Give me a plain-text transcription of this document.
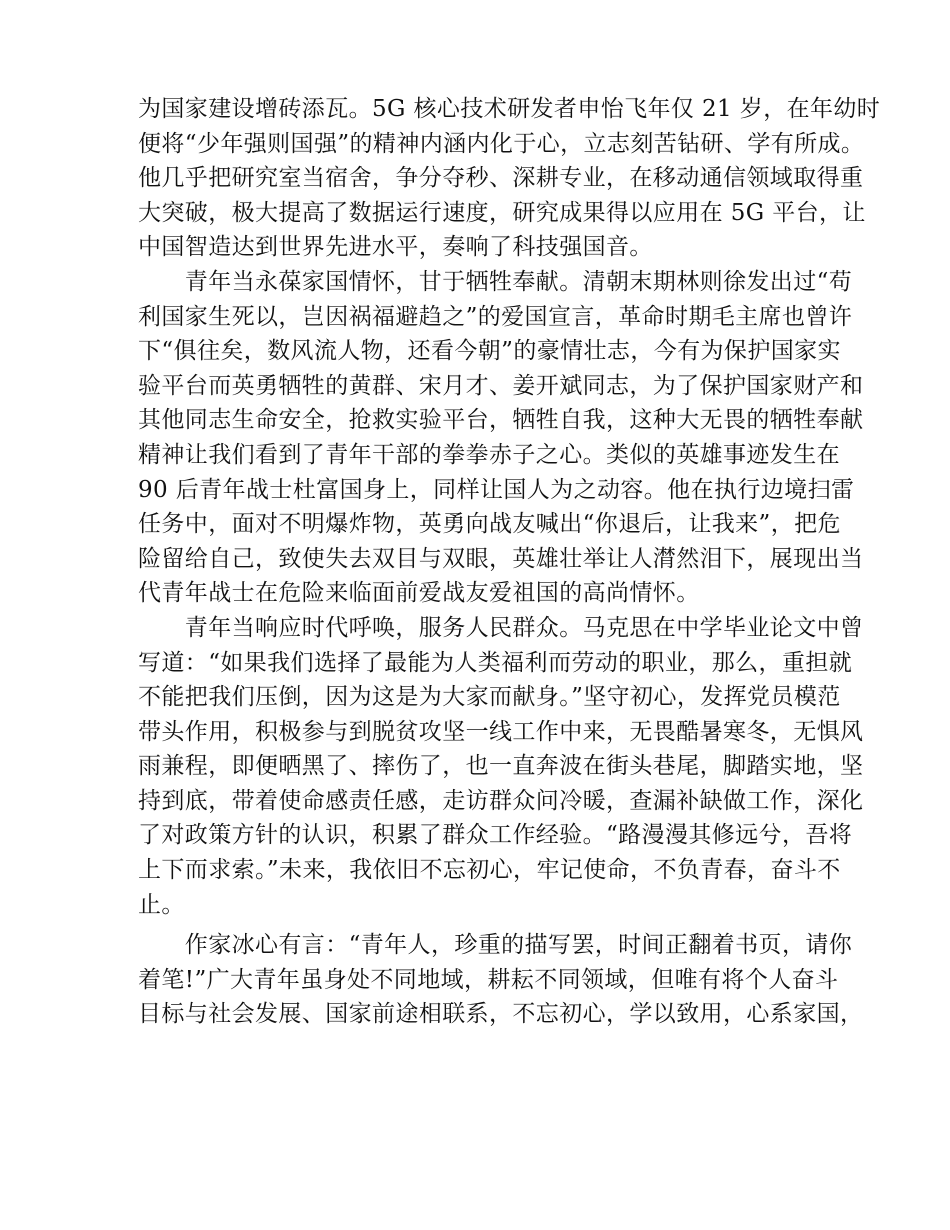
为国家建设增砖添瓦。5G 核心技术研发者申怡飞年仅 21 岁，在年幼时
便将“少年强则国强”的精神内涵内化于心，立志刻苦钻研、学有所成。
他几乎把研究室当宿舍，争分夺秒、深耕专业，在移动通信领域取得重
大突破，极大提高了数据运行速度，研究成果得以应用在 5G 平台，让
中国智造达到世界先进水平，奏响了科技强国音。
　　青年当永葆家国情怀，甘于牺牲奉献。清朝末期林则徐发出过“苟
利国家生死以，岂因祸福避趋之”的爱国宣言，革命时期毛主席也曾许
下“俱往矣，数风流人物，还看今朝”的豪情壮志，今有为保护国家实
验平台而英勇牺牲的黄群、宋月才、姜开斌同志，为了保护国家财产和
其他同志生命安全，抢救实验平台，牺牲自我，这种大无畏的牺牲奉献
精神让我们看到了青年干部的拳拳赤子之心。类似的英雄事迹发生在
90 后青年战士杜富国身上，同样让国人为之动容。他在执行边境扫雷
任务中，面对不明爆炸物，英勇向战友喊出“你退后，让我来”，把危
险留给自己，致使失去双目与双眼，英雄壮举让人潸然泪下，展现出当
代青年战士在危险来临面前爱战友爱祖国的高尚情怀。
　　青年当响应时代呼唤，服务人民群众。马克思在中学毕业论文中曾
写道：“如果我们选择了最能为人类福利而劳动的职业，那么，重担就
不能把我们压倒，因为这是为大家而献身。”坚守初心，发挥党员模范
带头作用，积极参与到脱贫攻坚一线工作中来，无畏酷暑寒冬，无惧风
雨兼程，即便晒黑了、摔伤了，也一直奔波在街头巷尾，脚踏实地，坚
持到底，带着使命感责任感，走访群众问冷暖，查漏补缺做工作，深化
了对政策方针的认识，积累了群众工作经验。“路漫漫其修远兮，吾将
上下而求索。”未来，我依旧不忘初心，牢记使命，不负青春，奋斗不
止。
　　作家冰心有言：“青年人，珍重的描写罢，时间正翻着书页，请你
着笔!”广大青年虽身处不同地域，耕耘不同领域，但唯有将个人奋斗
目标与社会发展、国家前途相联系，不忘初心，学以致用，心系家国，
